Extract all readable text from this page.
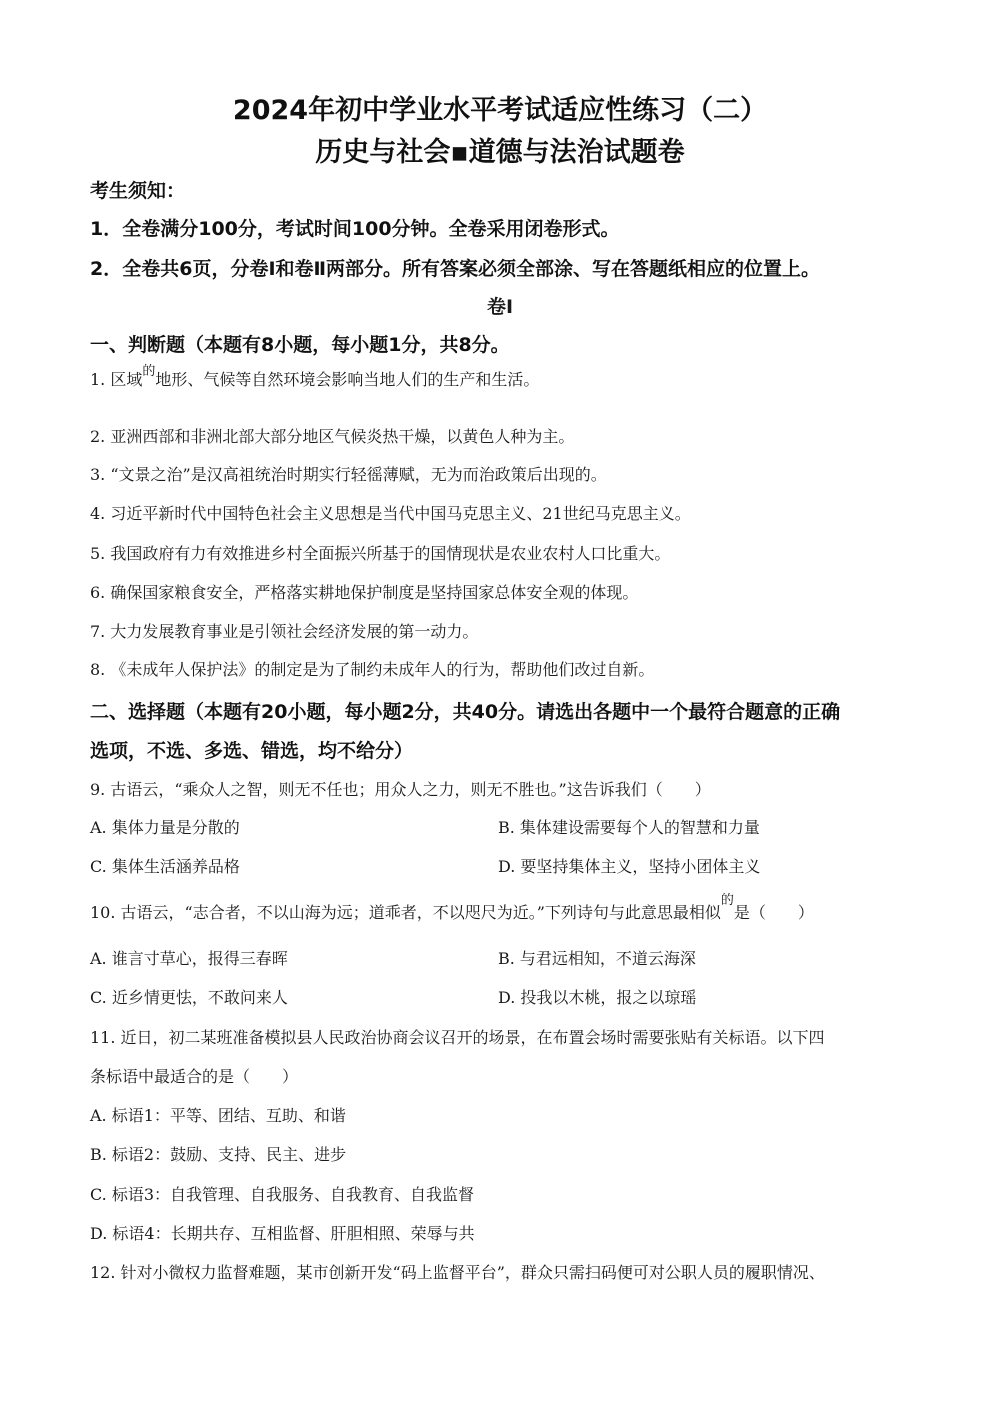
2024年初中学业水平考试适应性练习（二）
历史与社会▪道德与法治试题卷
考生须知：
1．全卷满分100分，考试时间100分钟。全卷采用闭卷形式。
2．全卷共6页，分卷Ⅰ和卷Ⅱ两部分。所有答案必须全部涂、写在答题纸相应的位置上。
卷Ⅰ
一、判断题（本题有8小题，每小题1分，共8分。
1. 区域$^的$地形、气候等自然环境会影响当地人们的生产和生活。
2. 亚洲西部和非洲北部大部分地区气候炎热干燥，以黄色人种为主。
3. “文景之治”是汉高祖统治时期实行轻徭薄赋，无为而治政策后出现的。
4. 习近平新时代中国特色社会主义思想是当代中国马克思主义、21世纪马克思主义。
5. 我国政府有力有效推进乡村全面振兴所基于的国情现状是农业农村人口比重大。
6. 确保国家粮食安全，严格落实耕地保护制度是坚持国家总体安全观的体现。
7. 大力发展教育事业是引领社会经济发展的第一动力。
8. 《未成年人保护法》的制定是为了制约未成年人的行为，帮助他们改过自新。
二、选择题（本题有20小题，每小题2分，共40分。请选出各题中一个最符合题意的正确
选项，不选、多选、错选，均不给分）
9. 古语云，“乘众人之智，则无不任也；用众人之力，则无不胜也。”这告诉我们（　　）
A. 集体力量是分散的	B. 集体建设需要每个人的智慧和力量
C. 集体生活涵养品格	D. 要坚持集体主义，坚持小团体主义
10. 古语云，“志合者，不以山海为远；道乖者，不以咫尺为近。”下列诗句与此意思最相似$^的$是（　　）
A. 谁言寸草心，报得三春晖	B. 与君远相知，不道云海深
C. 近乡情更怯，不敢问来人	D. 投我以木桃，报之以琼瑶
11. 近日，初二某班准备模拟县人民政治协商会议召开的场景，在布置会场时需要张贴有关标语。以下四
条标语中最适合的是（　　）
A. 标语1：平等、团结、互助、和谐
B. 标语2：鼓励、支持、民主、进步
C. 标语3：自我管理、自我服务、自我教育、自我监督
D. 标语4：长期共存、互相监督、肝胆相照、荣辱与共
12. 针对小微权力监督难题，某市创新开发“码上监督平台”，群众只需扫码便可对公职人员的履职情况、
